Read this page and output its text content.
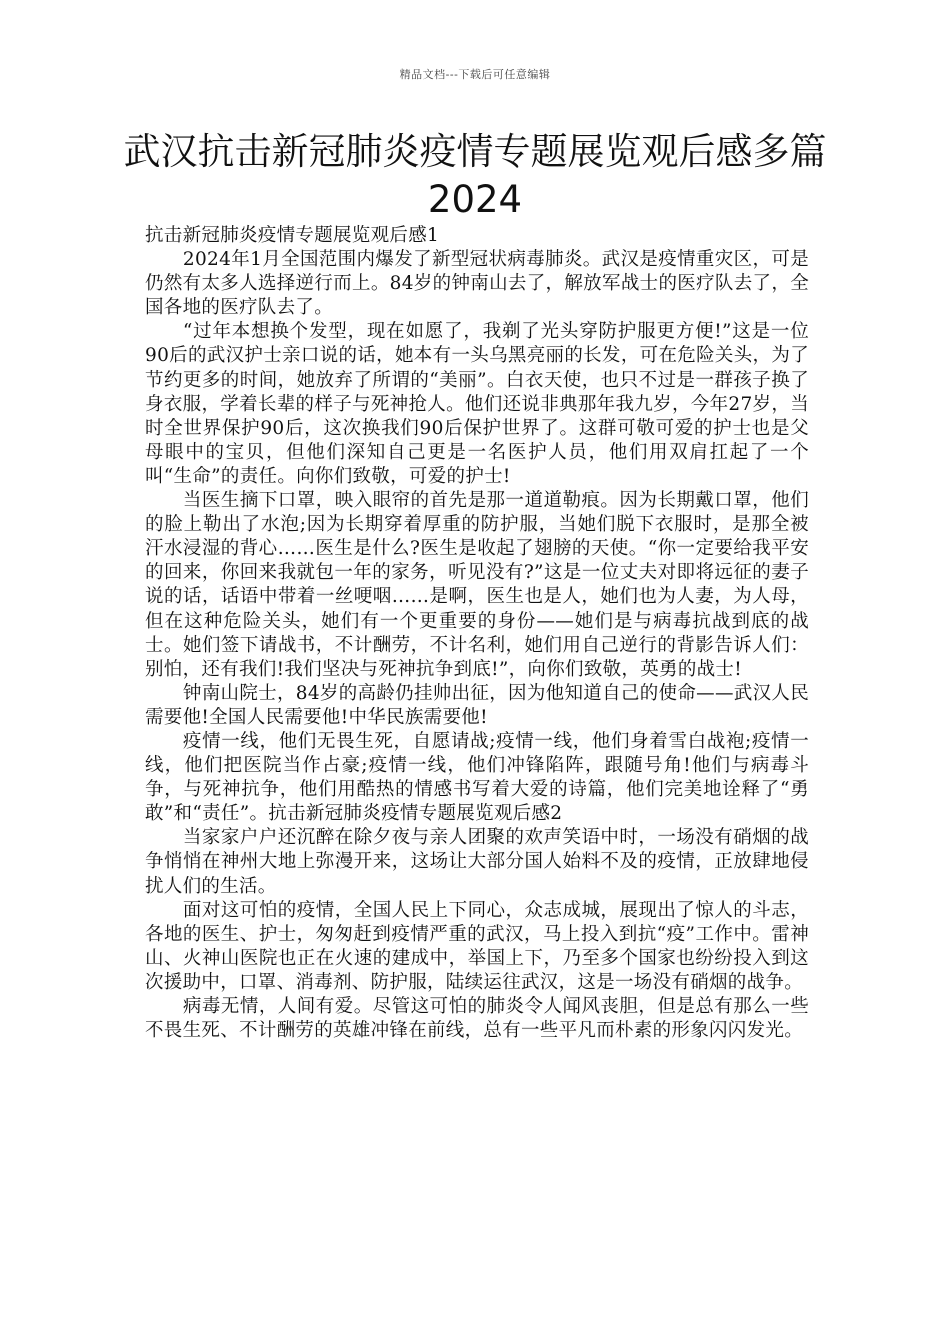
精品文档---下载后可任意编辑
武汉抗击新冠肺炎疫情专题展览观后感多篇2024

抗击新冠肺炎疫情专题展览观后感1

2024年1月全国范围内爆发了新型冠状病毒肺炎。武汉是疫情重灾区，可是仍然有太多人选择逆行而上。84岁的钟南山去了，解放军战士的医疗队去了，全国各地的医疗队去了。

“过年本想换个发型，现在如愿了，我剃了光头穿防护服更方便!”这是一位90后的武汉护士亲口说的话，她本有一头乌黑亮丽的长发，可在危险关头，为了节约更多的时间，她放弃了所谓的“美丽”。白衣天使，也只不过是一群孩子换了身衣服，学着长辈的样子与死神抢人。他们还说非典那年我九岁，今年27岁，当时全世界保护90后，这次换我们90后保护世界了。这群可敬可爱的护士也是父母眼中的宝贝，但他们深知自己更是一名医护人员，他们用双肩扛起了一个叫“生命”的责任。向你们致敬，可爱的护士!

当医生摘下口罩，映入眼帘的首先是那一道道勒痕。因为长期戴口罩，他们的脸上勒出了水泡;因为长期穿着厚重的防护服，当她们脱下衣服时，是那全被汗水浸湿的背心……医生是什么?医生是收起了翅膀的天使。“你一定要给我平安的回来，你回来我就包一年的家务，听见没有?”这是一位丈夫对即将远征的妻子说的话，话语中带着一丝哽咽……是啊，医生也是人，她们也为人妻，为人母，但在这种危险关头，她们有一个更重要的身份——她们是与病毒抗战到底的战士。她们签下请战书，不计酬劳，不计名利，她们用自己逆行的背影告诉人们：别怕，还有我们!我们坚决与死神抗争到底!”，向你们致敬，英勇的战士!

钟南山院士，84岁的高龄仍挂帅出征，因为他知道自己的使命——武汉人民需要他!全国人民需要他!中华民族需要他!

疫情一线，他们无畏生死，自愿请战;疫情一线，他们身着雪白战袍;疫情一线，他们把医院当作占豪;疫情一线，他们冲锋陷阵，跟随号角!他们与病毒斗争，与死神抗争，他们用酷热的情感书写着大爱的诗篇，他们完美地诠释了“勇敢”和“责任”。抗击新冠肺炎疫情专题展览观后感2

当家家户户还沉醉在除夕夜与亲人团聚的欢声笑语中时，一场没有硝烟的战争悄悄在神州大地上弥漫开来，这场让大部分国人始料不及的疫情，正放肆地侵扰人们的生活。

面对这可怕的疫情，全国人民上下同心，众志成城，展现出了惊人的斗志，各地的医生、护士，匆匆赶到疫情严重的武汉，马上投入到抗“疫”工作中。雷神山、火神山医院也正在火速的建成中，举国上下，乃至多个国家也纷纷投入到这次援助中，口罩、消毒剂、防护服，陆续运往武汉，这是一场没有硝烟的战争。

病毒无情，人间有爱。尽管这可怕的肺炎令人闻风丧胆，但是总有那么一些不畏生死、不计酬劳的英雄冲锋在前线，总有一些平凡而朴素的形象闪闪发光。
